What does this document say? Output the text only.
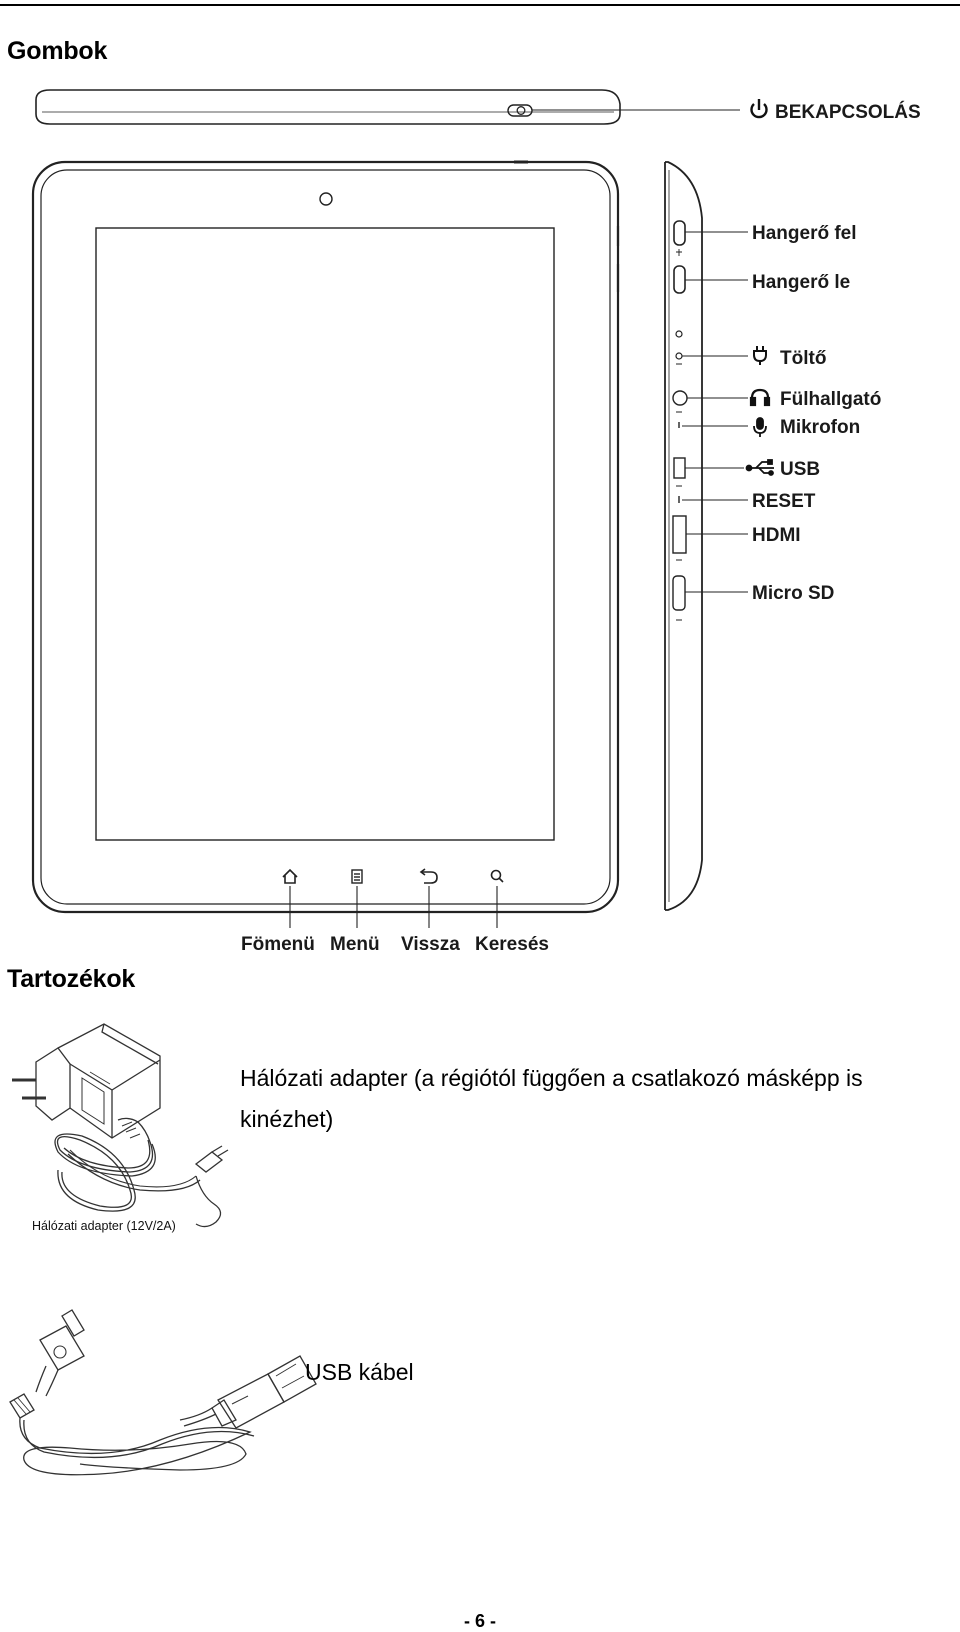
Gombok
BEKAPCSOLÁS
Fömenü Menü Vissza Keresés
Hangerő fel
Hangerő le
Töltő
Fülhallgató
Mikrofon
USB
RESET
HDMI
Micro SD
Hálózati adapter (12V/2A)
Tartozékok

Hálózati adapter (a régiótól függően a csatlakozó másképp is kinézhet)

USB kábel

- 6 -
